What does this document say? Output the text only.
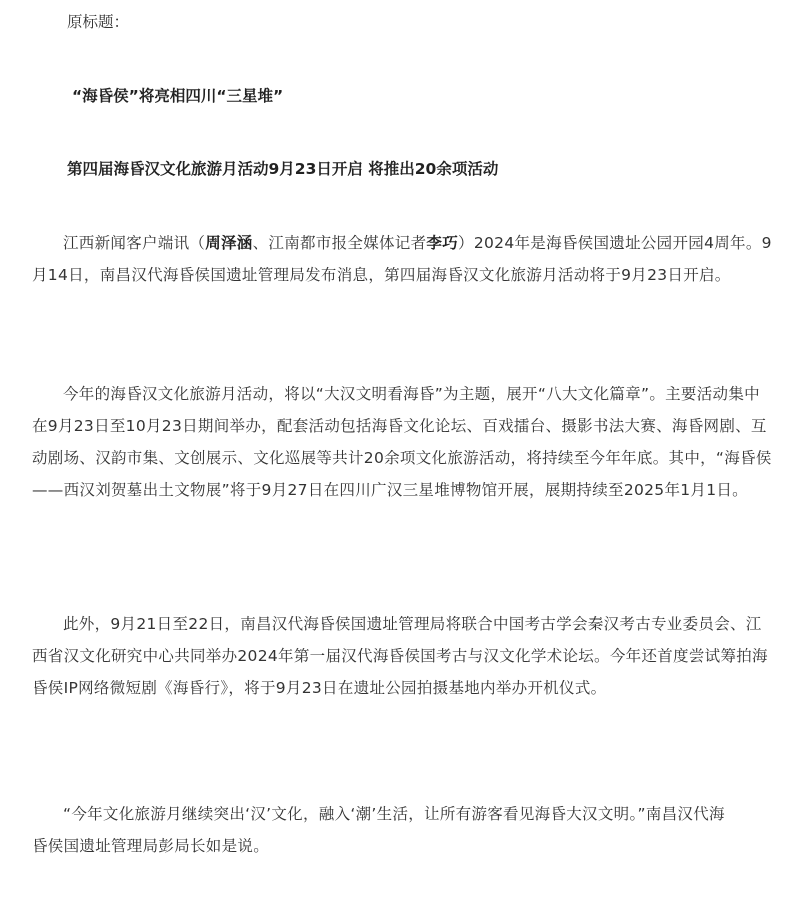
原标题：

“海昏侯”将亮相四川“三星堆”

第四届海昏汉文化旅游月活动9月23日开启 将推出20余项活动

江西新闻客户端讯（周泽涵、江南都市报全媒体记者李巧）2024年是海昏侯国遗址公园开园4周年。9月14日，南昌汉代海昏侯国遗址管理局发布消息，第四届海昏汉文化旅游月活动将于9月23日开启。

今年的海昏汉文化旅游月活动，将以“大汉文明看海昏”为主题，展开“八大文化篇章”。主要活动集中在9月23日至10月23日期间举办，配套活动包括海昏文化论坛、百戏擂台、摄影书法大赛、海昏网剧、互动剧场、汉韵市集、文创展示、文化巡展等共计20余项文化旅游活动，将持续至今年年底。其中，“海昏侯——西汉刘贺墓出土文物展”将于9月27日在四川广汉三星堆博物馆开展，展期持续至2025年1月1日。

此外，9月21日至22日，南昌汉代海昏侯国遗址管理局将联合中国考古学会秦汉考古专业委员会、江西省汉文化研究中心共同举办2024年第一届汉代海昏侯国考古与汉文化学术论坛。今年还首度尝试筹拍海昏侯IP网络微短剧《海昏行》，将于9月23日在遗址公园拍摄基地内举办开机仪式。

“今年文化旅游月继续突出‘汉’文化，融入‘潮’生活，让所有游客看见海昏大汉文明。”南昌汉代海昏侯国遗址管理局彭局长如是说。
